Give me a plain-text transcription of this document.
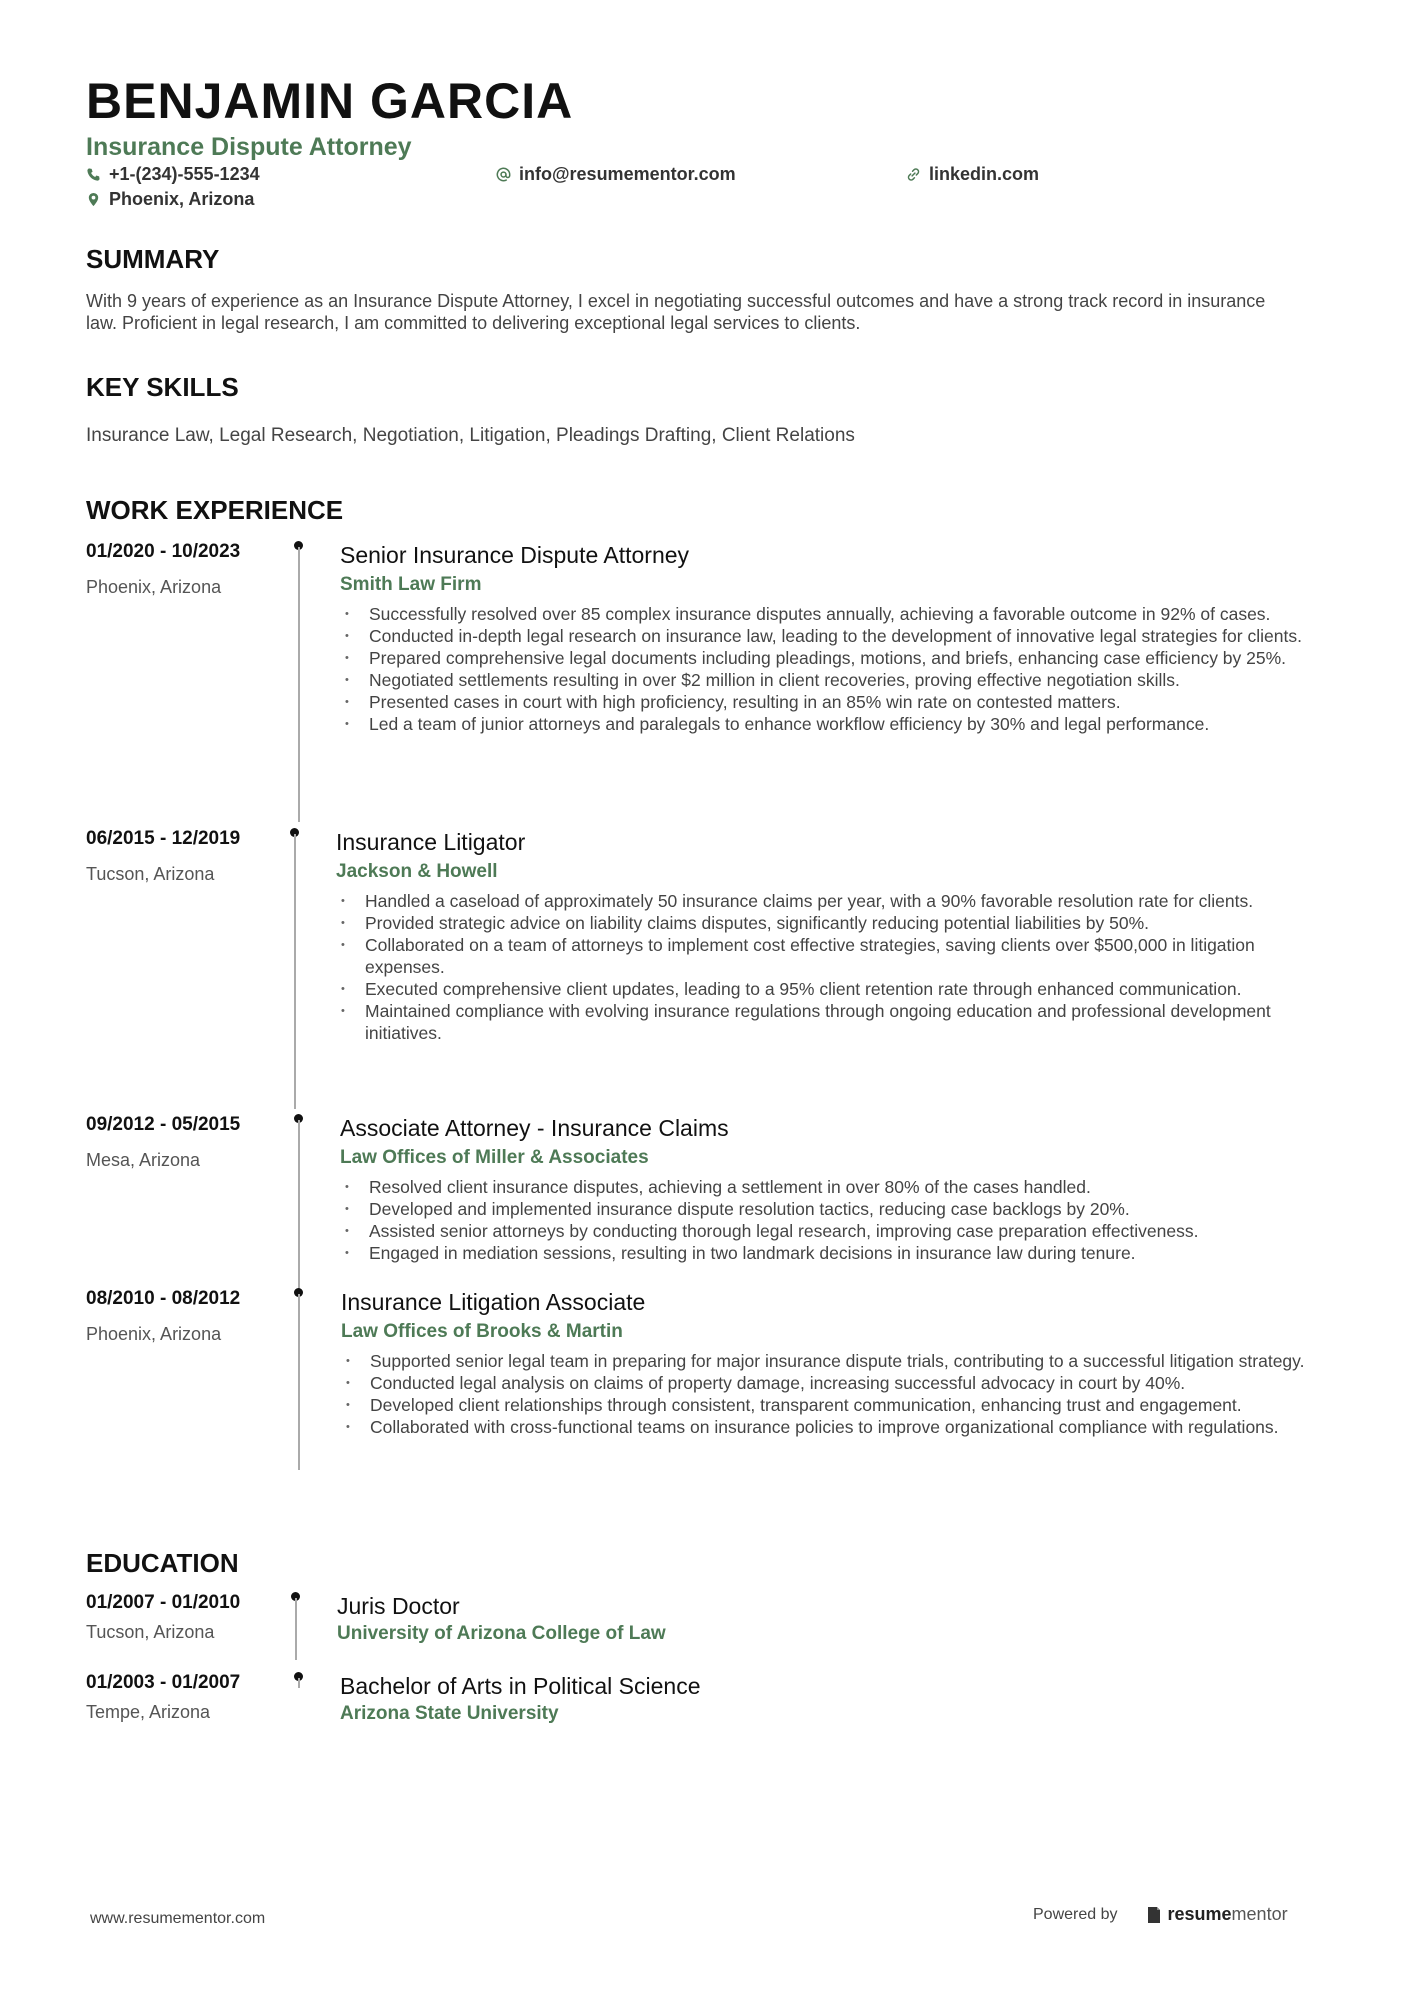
BENJAMIN GARCIA
Insurance Dispute Attorney
+1-(234)-555-1234	info@resumementor.com	linkedin.com
Phoenix, Arizona
SUMMARY

With 9 years of experience as an Insurance Dispute Attorney, I excel in negotiating successful outcomes and have a strong track record in insurance law. Proficient in legal research, I am committed to delivering exceptional legal services to clients.

KEY SKILLS

Insurance Law, Legal Research, Negotiation, Litigation, Pleadings Drafting, Client Relations

WORK EXPERIENCE
01/2020 - 10/2023
Phoenix, Arizona
Senior Insurance Dispute Attorney
Smith Law Firm
• Successfully resolved over 85 complex insurance disputes annually, achieving a favorable outcome in 92% of cases.
• Conducted in-depth legal research on insurance law, leading to the development of innovative legal strategies for clients.
• Prepared comprehensive legal documents including pleadings, motions, and briefs, enhancing case efficiency by 25%.
• Negotiated settlements resulting in over $2 million in client recoveries, proving effective negotiation skills.
• Presented cases in court with high proficiency, resulting in an 85% win rate on contested matters.
• Led a team of junior attorneys and paralegals to enhance workflow efficiency by 30% and legal performance.
06/2015 - 12/2019
Tucson, Arizona
Insurance Litigator
Jackson & Howell
• Handled a caseload of approximately 50 insurance claims per year, with a 90% favorable resolution rate for clients.
• Provided strategic advice on liability claims disputes, significantly reducing potential liabilities by 50%.
• Collaborated on a team of attorneys to implement cost effective strategies, saving clients over $500,000 in litigation expenses.
• Executed comprehensive client updates, leading to a 95% client retention rate through enhanced communication.
• Maintained compliance with evolving insurance regulations through ongoing education and professional development initiatives.
09/2012 - 05/2015
Mesa, Arizona
Associate Attorney - Insurance Claims
Law Offices of Miller & Associates
• Resolved client insurance disputes, achieving a settlement in over 80% of the cases handled.
• Developed and implemented insurance dispute resolution tactics, reducing case backlogs by 20%.
• Assisted senior attorneys by conducting thorough legal research, improving case preparation effectiveness.
• Engaged in mediation sessions, resulting in two landmark decisions in insurance law during tenure.
08/2010 - 08/2012
Phoenix, Arizona
Insurance Litigation Associate
Law Offices of Brooks & Martin
• Supported senior legal team in preparing for major insurance dispute trials, contributing to a successful litigation strategy.
• Conducted legal analysis on claims of property damage, increasing successful advocacy in court by 40%.
• Developed client relationships through consistent, transparent communication, enhancing trust and engagement.
• Collaborated with cross-functional teams on insurance policies to improve organizational compliance with regulations.
EDUCATION
01/2007 - 01/2010
Tucson, Arizona
Juris Doctor
University of Arizona College of Law
01/2003 - 01/2007
Tempe, Arizona
Bachelor of Arts in Political Science
Arizona State University
www.resumementor.com	Powered by	resumementor
